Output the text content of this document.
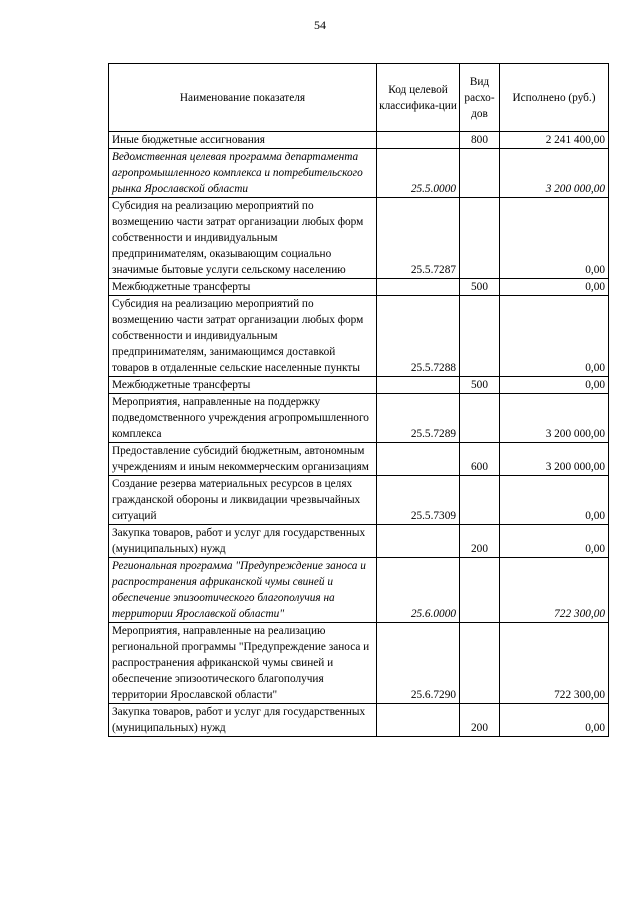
54
Наименование показателя	Код целевой классифика-ции	Вид расхо-дов	Исполнено (руб.)
Иные бюджетные ассигнования		800	2 241 400,00
Ведомственная целевая программа департамента агропромышленного комплекса и потребительского рынка Ярославской области	25.5.0000		3 200 000,00
Субсидия на реализацию мероприятий по возмещению части затрат организации любых форм собственности и индивидуальным предпринимателям, оказывающим социально значимые бытовые услуги сельскому населению	25.5.7287		0,00
Межбюджетные трансферты		500	0,00
Субсидия на реализацию мероприятий по возмещению части затрат организации любых форм собственности и индивидуальным предпринимателям, занимающимся доставкой товаров в отдаленные сельские населенные пункты	25.5.7288		0,00
Межбюджетные трансферты		500	0,00
Мероприятия, направленные на поддержку подведомственного учреждения агропромышленного комплекса	25.5.7289		3 200 000,00
Предоставление субсидий бюджетным, автономным учреждениям и иным некоммерческим организациям		600	3 200 000,00
Создание резерва материальных ресурсов в целях гражданской обороны и ликвидации чрезвычайных ситуаций	25.5.7309		0,00
Закупка товаров, работ и услуг для государственных (муниципальных) нужд		200	0,00
Региональная программа "Предупреждение заноса и распространения африканской чумы свиней и обеспечение эпизоотического благополучия на территории Ярославской области"	25.6.0000		722 300,00
Мероприятия, направленные на реализацию региональной программы "Предупреждение заноса и распространения африканской чумы свиней и обеспечение эпизоотического благополучия территории Ярославской области"	25.6.7290		722 300,00
Закупка товаров, работ и услуг для государственных (муниципальных) нужд		200	0,00
